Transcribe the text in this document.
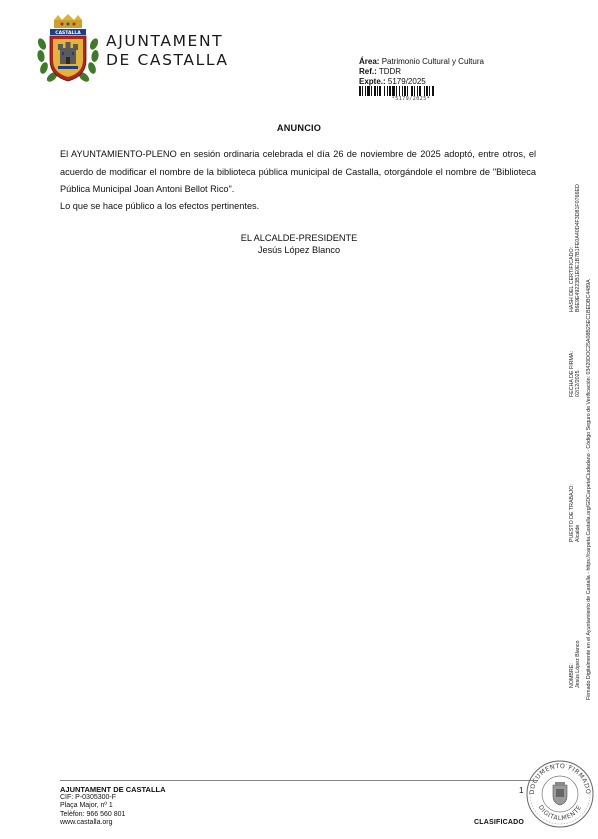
CASTALLA AJUNTAMENT
DE CASTALLA	Área: Patrimonio Cultural y Cultura
Ref.: TDDR
Expte.: 5179/2025
*5179/2025*
ANUNCIO
El AYUNTAMIENTO-PLENO en sesión ordinaria celebrada el día 26 de noviembre de 2025 adoptó, entre otros, el acuerdo de modificar el nombre de la biblioteca pública municipal de Castalla, otorgándole el nombre de "Biblioteca Pública Municipal Joan Antoni Bellot Rico".
Lo que se hace público a los efectos pertinentes.
EL ALCALDE-PRESIDENTE
Jesús López Blanco	HASH DEL CERTIFICADO: B6E9E49223B1E0E1B7B1FE0A40D4F3D81F0766ED
FECHA DE FIRMA: 02/12/2025
PUESTO DE TRABAJO: Alcalde
NOMBRE: Jesús López Blanco Firmado Digitalmente en el Ayuntamiento de Castalla - https://carpeta.Castalla.org/GDCarpetaCiudadano - Código Seguro de Verificación: 03420DOC25A08B25EC1BEDBC4489A
AJUNTAMENT DE CASTALLA
CIF: P-0305300-F
Plaça Major, nº 1
Telèfon: 966 560 801
www.castalla.org
1
CLASIFICADO
DOCUMENTO FIRMADO
DIGITALMENTE
